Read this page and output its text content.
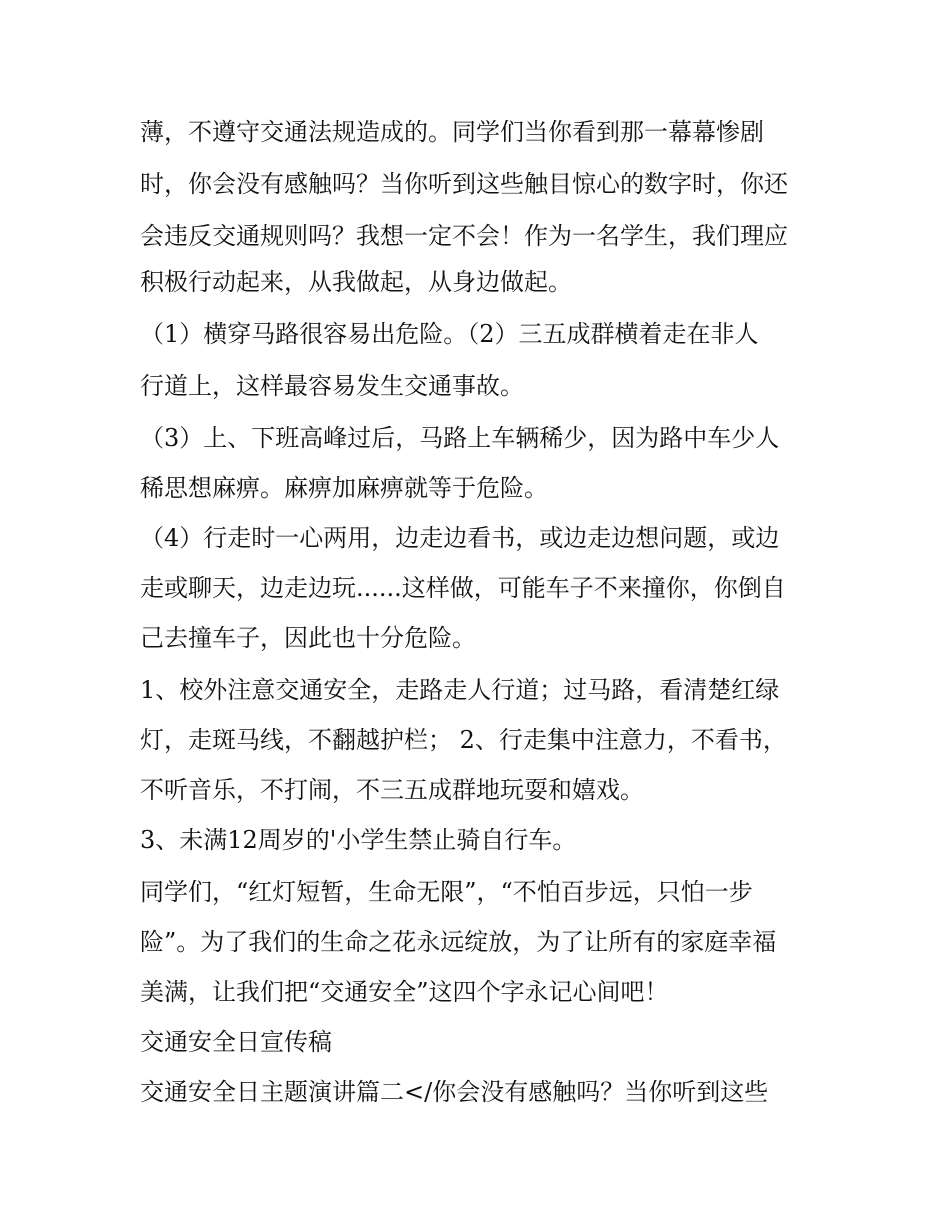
薄，不遵守交通法规造成的。同学们当你看到那一幕幕惨剧
时，你会没有感触吗？当你听到这些触目惊心的数字时，你还
会违反交通规则吗？我想一定不会！作为一名学生，我们理应
积极行动起来，从我做起，从身边做起。
（1）横穿马路很容易出危险。（2）三五成群横着走在非人
行道上，这样最容易发生交通事故。
（3）上、下班高峰过后，马路上车辆稀少，因为路中车少人
稀思想麻痹。麻痹加麻痹就等于危险。
（4）行走时一心两用，边走边看书，或边走边想问题，或边
走或聊天，边走边玩......这样做，可能车子不来撞你，你倒自
己去撞车子，因此也十分危险。
1、校外注意交通安全，走路走人行道；过马路，看清楚红绿
灯，走斑马线，不翻越护栏； 2、行走集中注意力，不看书，
不听音乐，不打闹，不三五成群地玩耍和嬉戏。
3、未满12周岁的'小学生禁止骑自行车。
同学们，“红灯短暂，生命无限”，“不怕百步远，只怕一步
险”。为了我们的生命之花永远绽放，为了让所有的家庭幸福
美满，让我们把“交通安全”这四个字永记心间吧！
交通安全日宣传稿
交通安全日主题演讲篇二</你会没有感触吗？当你听到这些
